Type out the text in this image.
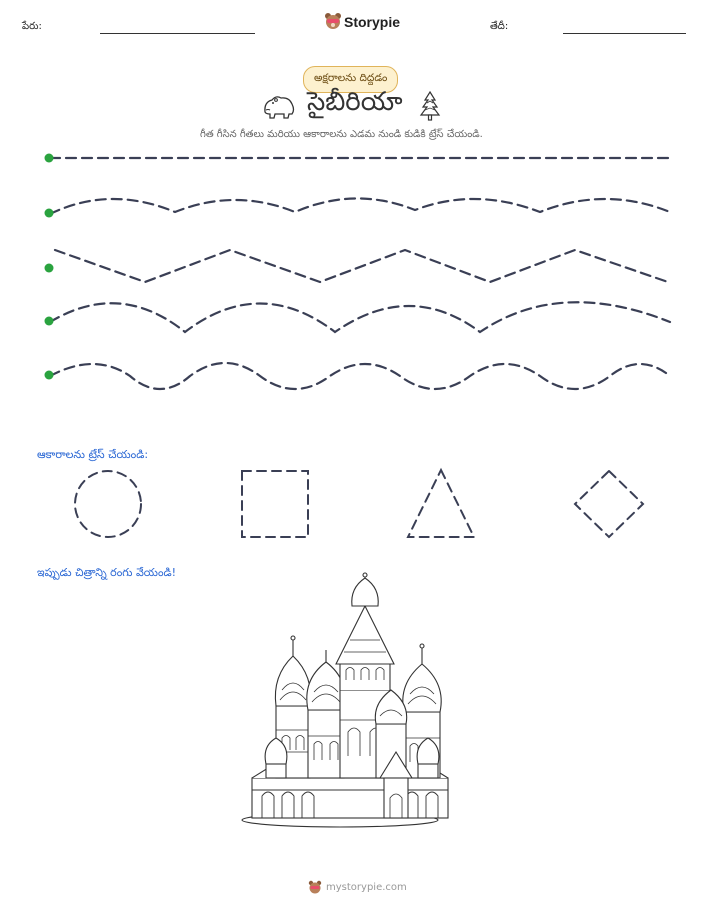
పేరు:	Storypie	తేదీ:
అక్షరాలను దిద్దడం
సైబీరియా
గీత గీసిన గీతలు మరియు ఆకారాలను ఎడమ నుండి కుడికి ట్రేస్ చేయండి.
ఆకారాలను ట్రేస్ చేయండి:
ఇప్పుడు చిత్రాన్ని రంగు వేయండి!
mystorypie.com
